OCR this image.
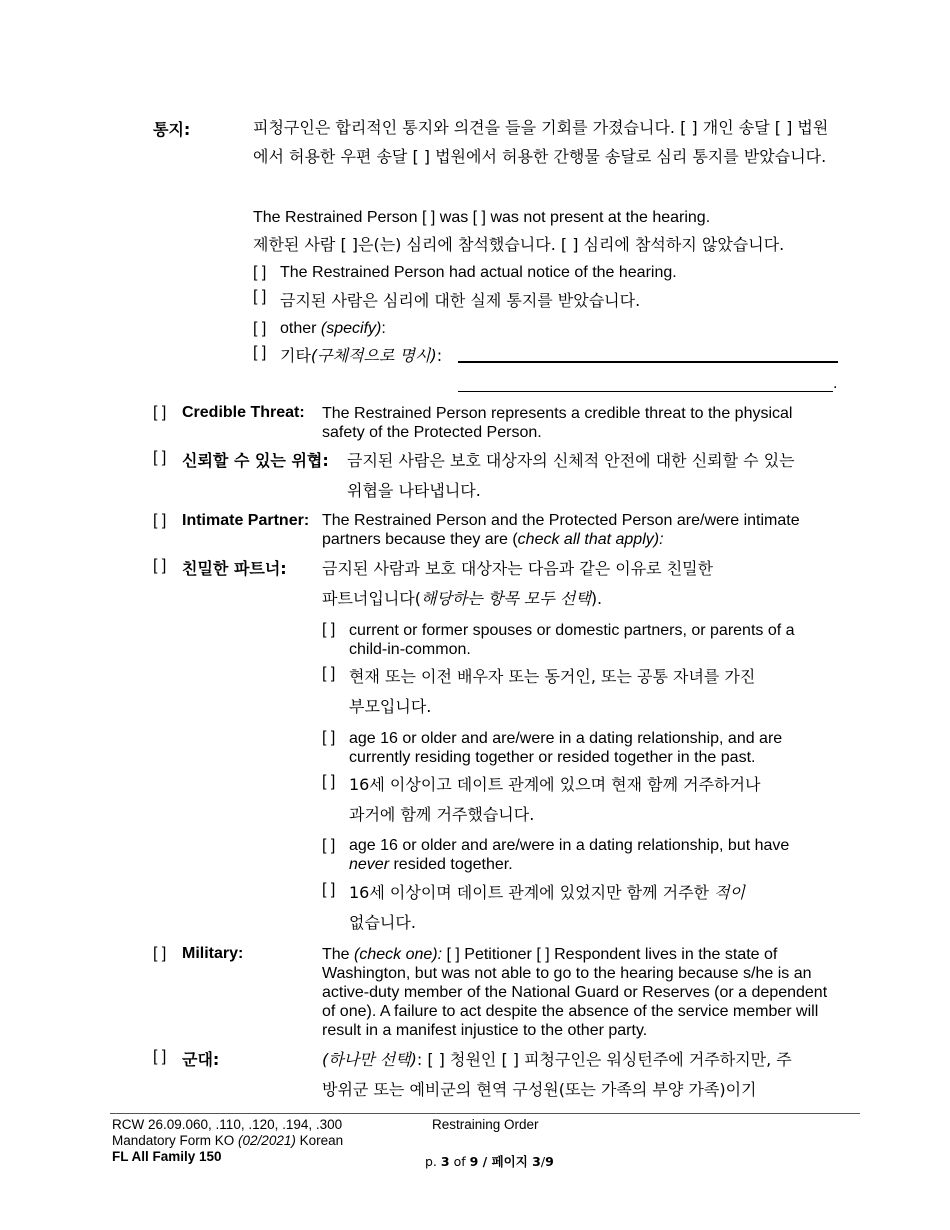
통지:	피청구인은 합리적인 통지와 의견을 들을 기회를 가졌습니다. [ ] 개인 송달 [ ] 법원에서 허용한 우편 송달 [ ] 법원에서 허용한 간행물 송달로 심리 통지를 받았습니다.
The Restrained Person [ ] was [ ] was not present at the hearing.
제한된 사람 [ ]은(는) 심리에 참석했습니다. [ ] 심리에 참석하지 않았습니다.
[ ] The Restrained Person had actual notice of the hearing.
[ ] 금지된 사람은 심리에 대한 실제 통지를 받았습니다.
[ ] other (specify):
[ ] 기타(구체적으로 명시):
.
[ ] Credible Threat: The Restrained Person represents a credible threat to the physical safety of the Protected Person.
[ ] 신뢰할 수 있는 위협: 금지된 사람은 보호 대상자의 신체적 안전에 대한 신뢰할 수 있는
위협을 나타냅니다.
[ ] Intimate Partner: The Restrained Person and the Protected Person are/were intimate
partners because they are (check all that apply):
[ ] 친밀한 파트너: 금지된 사람과 보호 대상자는 다음과 같은 이유로 친밀한
파트너입니다(해당하는 항목 모두 선택).
[ ] current or former spouses or domestic partners, or parents of a child-in-common.
[ ] 현재 또는 이전 배우자 또는 동거인, 또는 공통 자녀를 가진
부모입니다.
[ ] age 16 or older and are/were in a dating relationship, and are currently residing together or resided together in the past.
[ ] 16세 이상이고 데이트 관계에 있으며 현재 함께 거주하거나
과거에 함께 거주했습니다.
[ ] age 16 or older and are/were in a dating relationship, but have
never resided together.
[ ] 16세 이상이며 데이트 관계에 있었지만 함께 거주한 적이
없습니다.
[ ] Military:	The (check one): [ ] Petitioner [ ] Respondent lives in the state of Washington, but was not able to go to the hearing because s/he is an active-duty member of the National Guard or Reserves (or a dependent of one). A failure to act despite the absence of the service member will result in a manifest injustice to the other party.
[ ] 군대:	(하나만 선택): [ ] 청원인 [ ] 피청구인은 워싱턴주에 거주하지만, 주
방위군 또는 예비군의 현역 구성원(또는 가족의 부양 가족)이기
RCW 26.09.060, .110, .120, .194, .300
Mandatory Form KO (02/2021) Korean
FL All Family 150
Restraining Order
p. 3 of 9 / 페이지 3/9
